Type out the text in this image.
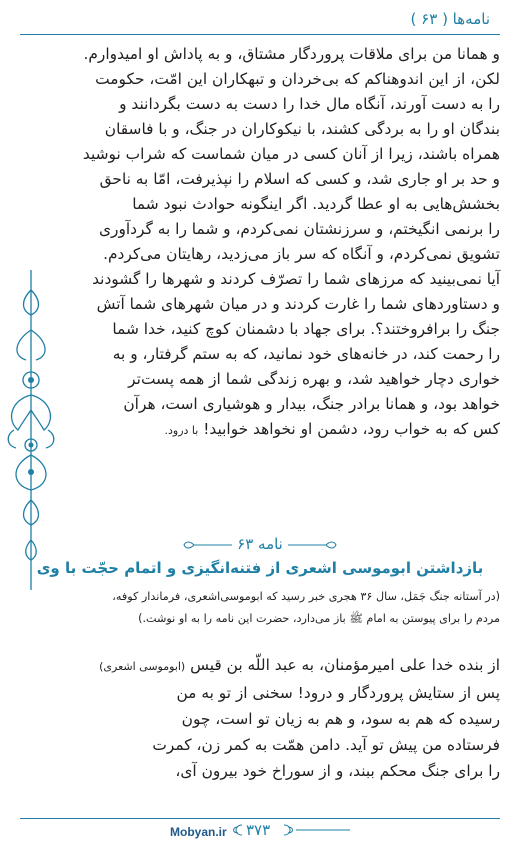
نامه‌ها ( ۶۳ )
و همانا من برای ملاقات پروردگار مشتاق، و به پاداش او امیدوارم.
لکن، از این اندوهناکم که بی‌خردان و تبهکاران این امّت، حکومت
را به دست آورند، آنگاه مال خدا را دست به دست بگردانند و
بندگان او را به بردگی کشند، با نیکوکاران در جنگ، و با فاسقان
همراه باشند، زیرا از آنان کسی در میان شماست که شراب نوشید
و حد بر او جاری شد، و کسی که اسلام را نپذیرفت، امّا به ناحق
بخشش‌هایی به او عطا گردید. اگر اینگونه حوادث نبود شما
را برنمی انگیختم، و سرزنشتان نمی‌کردم، و شما را به گردآوری
تشویق نمی‌کردم، و آنگاه که سر باز می‌زدید، رهایتان می‌کردم.
آیا نمی‌بینید که مرزهای شما را تصرّف کردند و شهرها را گشودند
و دستاوردهای شما را غارت کردند و در میان شهرهای شما آتش
جنگ را برافروختند؟. برای جهاد با دشمنان کوچ کنید، خدا شما
را رحمت کند، در خانه‌های خود نمانید، که به ستم گرفتار، و به
خواری دچار خواهید شد، و بهره زندگی شما از همه پست‌تر
خواهد بود، و همانا برادر جنگ، بیدار و هوشیاری است، هرآن
کس که به خواب رود، دشمن او نخواهد خوابید! با درود.
نامه ۶۳
بازداشتن ابوموسی اشعری از فتنه‌انگیزی و اتمام حجّت با وی
(در آستانه جنگ جَمَل، سال ۳۶ هجری خبر رسید که ابوموسی‌اشعری، فرماندار کوفه،
مردم را برای پیوستن به امام ﷺ باز می‌دارد، حضرت این نامه را به او نوشت.)
از بنده خدا علی امیرمؤمنان، به عبد اللّه بن قیس (ابوموسی اشعری)
پس از ستایش پروردگار و درود! سخنی از تو به من
رسیده که هم به سود، و هم به زیان تو است، چون
فرستاده من پیش تو آید. دامن همّت به کمر زن، کمرت
را برای جنگ محکم ببند، و از سوراخ خود بیرون آی،
Mobyan.ir ۳۷۳
